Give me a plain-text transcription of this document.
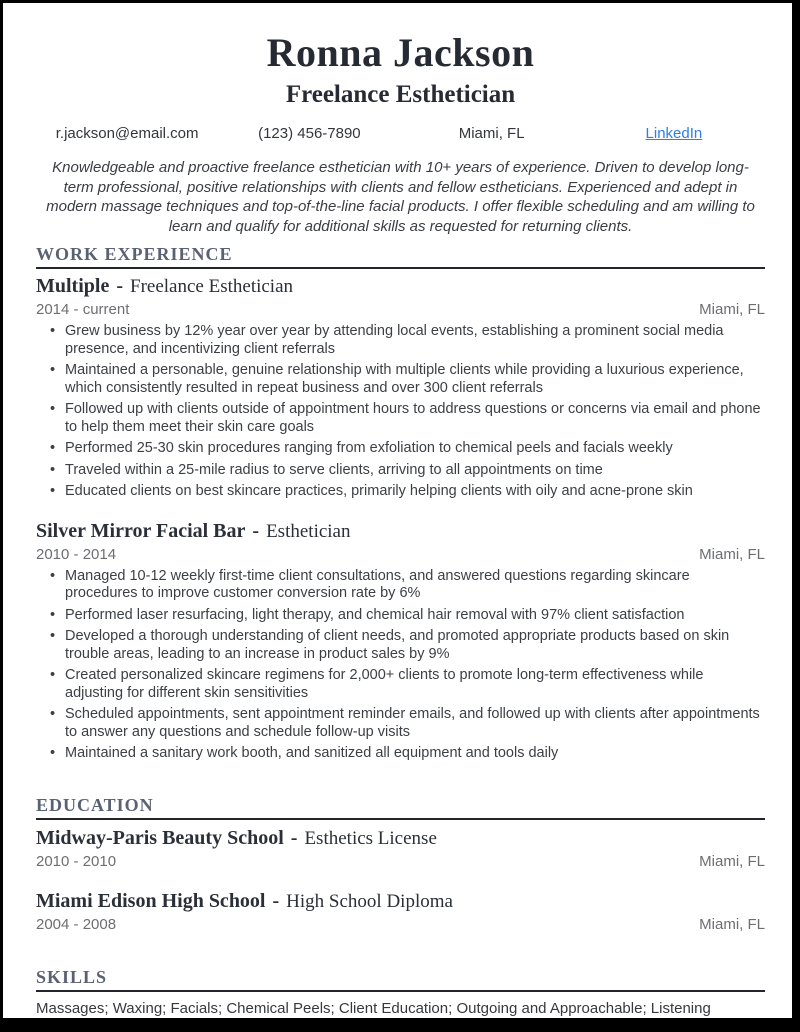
Ronna Jackson
Freelance Esthetician
r.jackson@email.com	(123) 456-7890	Miami, FL	LinkedIn
Knowledgeable and proactive freelance esthetician with 10+ years of experience. Driven to develop long-term professional, positive relationships with clients and fellow estheticians. Experienced and adept in modern massage techniques and top-of-the-line facial products. I offer flexible scheduling and am willing to learn and qualify for additional skills as requested for returning clients.
WORK EXPERIENCE
Multiple - Freelance Esthetician
2014 - current	Miami, FL
• Grew business by 12% year over year by attending local events, establishing a prominent social media presence, and incentivizing client referrals
• Maintained a personable, genuine relationship with multiple clients while providing a luxurious experience, which consistently resulted in repeat business and over 300 client referrals
• Followed up with clients outside of appointment hours to address questions or concerns via email and phone to help them meet their skin care goals
• Performed 25-30 skin procedures ranging from exfoliation to chemical peels and facials weekly
• Traveled within a 25-mile radius to serve clients, arriving to all appointments on time
• Educated clients on best skincare practices, primarily helping clients with oily and acne-prone skin
Silver Mirror Facial Bar - Esthetician
2010 - 2014	Miami, FL
• Managed 10-12 weekly first-time client consultations, and answered questions regarding skincare procedures to improve customer conversion rate by 6%
• Performed laser resurfacing, light therapy, and chemical hair removal with 97% client satisfaction
• Developed a thorough understanding of client needs, and promoted appropriate products based on skin trouble areas, leading to an increase in product sales by 9%
• Created personalized skincare regimens for 2,000+ clients to promote long-term effectiveness while adjusting for different skin sensitivities
• Scheduled appointments, sent appointment reminder emails, and followed up with clients after appointments to answer any questions and schedule follow-up visits
• Maintained a sanitary work booth, and sanitized all equipment and tools daily
EDUCATION
Midway-Paris Beauty School - Esthetics License
2010 - 2010	Miami, FL
Miami Edison High School - High School Diploma
2004 - 2008	Miami, FL
SKILLS
Massages; Waxing; Facials; Chemical Peels; Client Education; Outgoing and Approachable; Listening
